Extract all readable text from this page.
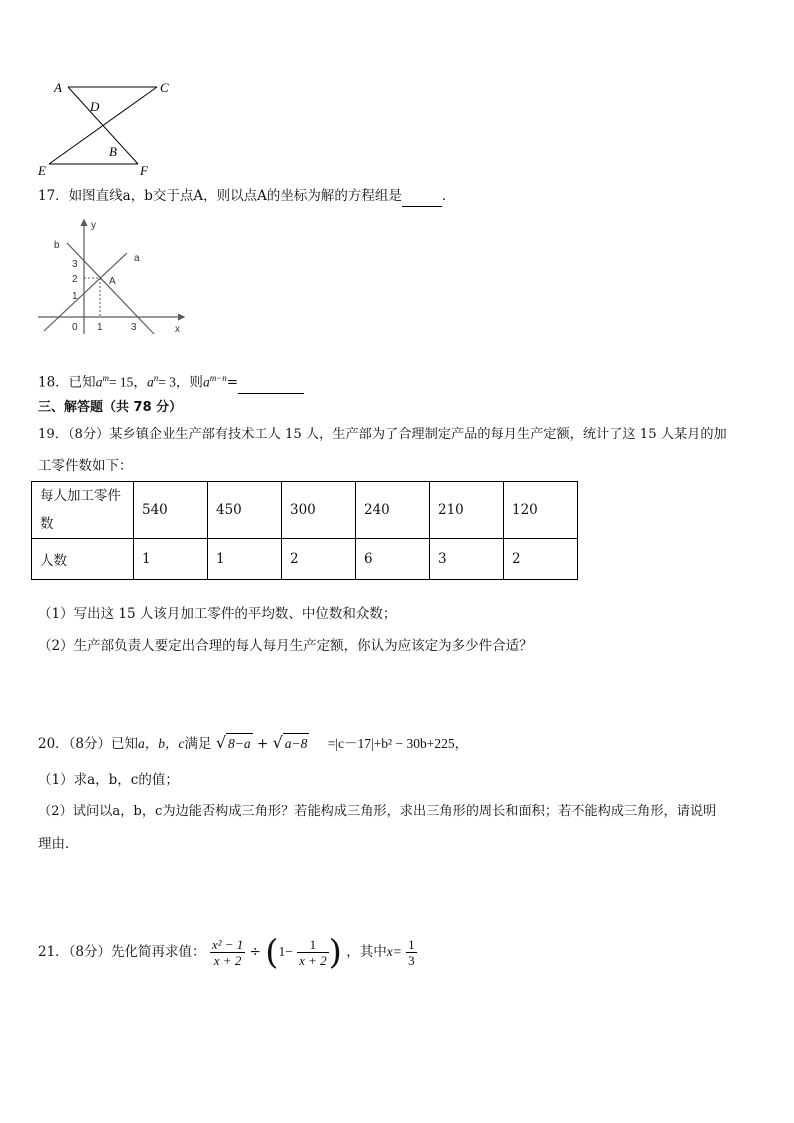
A	C
D
B
E	F
17．如图直线a，b交于点A，则以点A的坐标为解的方程组是	．
b
y
a
3
2
1
A
0 1	3	x
18．已知$a^m= 15$，$a^n= 3$，则$a^{m-n}=$
三、解答题（共 78 分）
19．（8分）某乡镇企业生产部有技术工人 15 人，生产部为了合理制定产品的每月生产定额，统计了这 15 人某月的加
工零件数如下：
每人加工零件数	540	450	300	240	210	120
人数	1	1	2	6	3	2
（1）写出这 15 人该月加工零件的平均数、中位数和众数；
（2）生产部负责人要定出合理的每人每月生产定额，你认为应该定为多少件合适？
20．（8分）已知a，b，c满足 √ 8−a + √ a−8 =|c－17|+b² − 30b+225，
（1）求a，b，c的值；
（2）试问以a，b，c为边能否构成三角形？若能构成三角形，求出三角形的周长和面积；若不能构成三角形，请说明
理由．
21．（8分）先化简再求值： $\frac{\text{x² − 1}}{x + 2} \div (1- \frac{1}{x + 2}$ ) ，其中$x= \frac{1}{3}$
